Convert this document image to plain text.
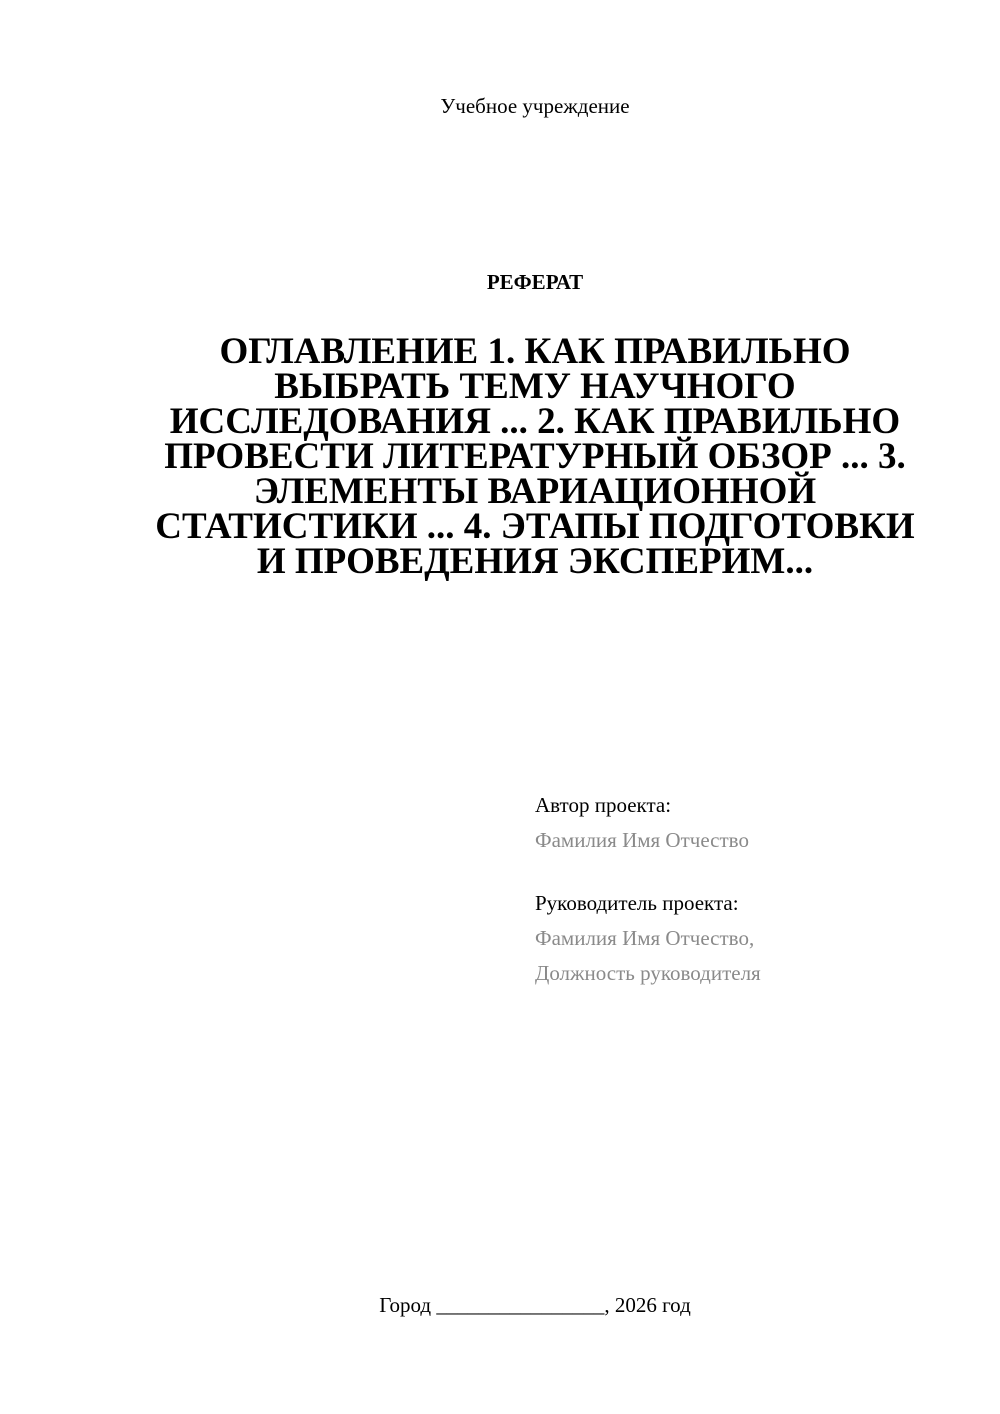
Учебное учреждение
РЕФЕРАТ
ОГЛАВЛЕНИЕ 1. КАК ПРАВИЛЬНО ВЫБРАТЬ ТЕМУ НАУЧНОГО ИССЛЕДОВАНИЯ ... 2. КАК ПРАВИЛЬНО ПРОВЕСТИ ЛИТЕРАТУРНЫЙ ОБЗОР ... 3. ЭЛЕМЕНТЫ ВАРИАЦИОННОЙ СТАТИСТИКИ ... 4. ЭТАПЫ ПОДГОТОВКИ И ПРОВЕДЕНИЯ ЭКСПЕРИМ...
Автор проекта:
Фамилия Имя Отчество
Руководитель проекта:
Фамилия Имя Отчество,
Должность руководителя
Город ________________, 2026 год
